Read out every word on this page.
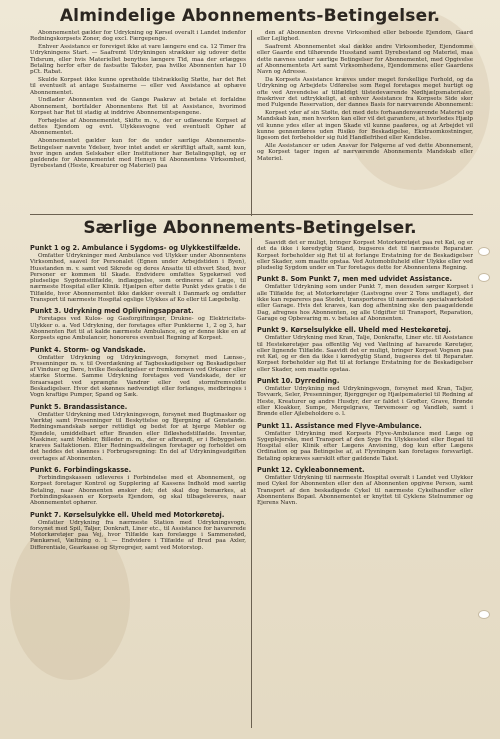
Almindelige Abonnements-Betingelser.

Abonnementet gælder for Udrykning og Kørsel overalt i Landet indenfor Redningskorpsets Zoner, dog excl. Færgepenge.

Enhver Assistance er foreviget ikke at vare længere end ca. 12 Timer fra Udrykningens Start. — Saafremt Udrykningen strækker sig udover dette Tidsrum, eller hvis Materiellet benyttes længere Tid, maa der erlægges Betaling herfor efter de fastsatte Takster, paa hvilke Abonnenten har 10 pCt. Rabat.

Skulde Korpset ikke kunne opretholde tilstrækkelig Støtte, har det Ret til eventuelt at antage Sustainerne — eller ved Assistance at ophæve Abonnementet.

Undlader Abonnenten ved de Gange Paakrav at betale et forfaldne Abonnement, bortfalder Abonnentens Ret til at Assistance, hvorimod Korpset har Ret til stadig at inddrive Abonnementspengene.

Forhøjelse af Abonnementet, Skifte m. v., der er udløsende Korpset af dettes Ejendom og evnt. Ulykkesvogne ved eventuelt Ophør af Abonnementet.

Abonnementet gælder kun for de under særlige Abonnements-Betingelser nævnte Ydelser, hvor intet andet er skriftligt aftalt, samt kun, hvor ingen anden Selskaber eller Institutioner har Betalingspligt, og er gældende for Abonnementet med Hensyn til Abonnentens Virksomhed, Dyrebestand (Heste, Kreaturer og Materiel) paa

den af Abonnenten drevne Virksomhed eller beboede Ejendom, Gaard eller Lejlighed.

Saafremt Abonnementet skal dække andre Virksomheder, Ejendomme eller Gaarde end tilhørende Husstand samt Dyrebestand og Materiel, maa dette nævnes under særlige Betingelser for Abonnementet, med Opgivelse af Abonnementets Art samt Virksomhedens, Ejendommens eller Gaardens Navn og Adresse.

Da Korpsets Assistance kræves under meget forskellige Forhold, og da Udrykning og Arbejdets Udførelse som Regel foretages meget hurtigt og ofte ved Anvendelse af tilfældigt tilstedeværende Nødhjælpsmaterialer, fraskriver det udtrykkeligt, at enhver Assistance fra Korpsets Side sker med Fulgende Reservation, der dannes Basis for nærværende Abonnement:

Korpset yder af sin Stølte, det med dets forhaandenværende Materiel og Mandskab kan, men hverken kan eller vil det garantere, at hvorledes Hjælp vil kunne ydes eller at ingen Skade vil kunne paaføres, og at Arbejdet vil kunne gennemføres uden Risiko for Beskadigelse, Ekstraomkostninger, ligesom det forbeholder sig fuld Handlefrihed eller Kendelse.

Alle Assistancer er uden Ansvar for Følgerne af ved dette Abonnement, og Korpset tager ingen af nærværende Abonnements Mandskab eller Materiel.

Særlige Abonnements-Betingelser.
Punkt 1 og 2. Ambulance i Sygdoms- og Ulykkestilfælde.

Omfatter Udrykninger med Ambulance ved Ulykker under Abonnentens Virksomhed, saavel for Personalet (Egnen under Arbejdstiden i Byen), Husstanden m. v. samt ved Sikrede og deres Ansatte til ethvert Sted, hvor Personer er kommen til Skade. Endvidere omfattes Sygekørsel ved pludselige Sygdomstilfælde, indlæggelse, som ordineres af Læge, til nærmeste Hospital eller Klinik. Hjælpen efter dette Punkt ydes gratis i de Tilfælde, hvor Abonnementet ikke dækker overalt i Danmark og omfatter Transport til nærmeste Hospital ogslige Ulykkes af Ko eller til Lægebolig.

Punkt 3. Udrykning med Oplivningsapparat.

Foretages ved Kulos- og Gasforgiftninger, Drukne- og Elektricitets-Ulykker o. a. Ved Udrykning, der foretages efter Punkterne 1, 2 og 3, har Abonnenten Ret til at kalde nærmeste Ambulance, og er denne ikke en af Korpsets egne Ambulancer, honoreres eventuel Regning af Korpset.

Punkt 4. Storm- og Vandskade.

Omfatter Udrykning og Udrykningsvogn, forsynet med Lænse-, Presenninger m. v. til Overdækning af Tagbeskadigelser og Beskadigelser af Vinduer og Døre, hvilke Beskadigelser er fremkommen ved Orkaner eller stærke Storme. Samme Udrykning foretages ved Vandskade, der er foraarsaget ved sprængte Vandrør eller ved stormfremvoldte Beskadigelser. Hvor det skønnes nødvendigt eller forlanges, medbringes i Vogn kraftige Pumper, Spand og Sæk.

Punkt 5. Brandassistance.

Omfatter Udrykning med Udrykningsvogn, forsynet med Bugtmasker og Værktøj samt Presenninger til Beskyttelse og Bjergning af Genstande. Redningsmandskab sørger rettidigt og bedst for at bjerge Møbler og Ejendele, umiddelbart efter Branden eller Ildløshedstilfælde. Inventar, Maskiner, samt Møbler, Billeder m. m., der er afbrandt, er i Bebyggelsen kræves Saltaktionen. Eller Redningsafdelingen foretager og forholdet om det heddes det skønnes i Forbrugsregning: En del af Udrykningsudgiften overtages af Abonnenten.

Punkt 6. Forbindingskasse.

Forbindingskassen udleveres i Forbindelse med et Abonnement, og Korpset foretager Kontrol og Supplering af Kassens Indhold mod særlig Betaling, naar Abonnenten ønsker det; det skal dog bemærkes, at Forbindingskassen er Korpsets Ejendom, og skal tilbageleveres, naar Abonnementet ophører.

Punkt 7. Kørselsulykke ell. Uheld med Motorkøretøj.

Omfatter Udrykning fra nærmeste Station med Udrykningsvogn, forsynet med Spil, Taljer, Donkraft, Liner etc., til Assistance for havarerede Motorkøretøjer paa Vej, hvor Tilfælde kan forelægge i Sammenstød, Pænkørsel, Væltning o. l. — Endvidere i Tilfælde af Brud paa Axler, Differentiale, Gearkasse og Styregrejer, samt ved Motorstop.

Saavidt det er muligt, bringer Korpset Motorkøretøjet paa ret Køl, og er det da ikke i køredygtig Stand, bugseres det til nærmeste Reparatør. Korpset forbeholder sig Ret til at forlange Erstatning for de Beskadigelser eller Skader, som maatte opstaa. Ved Automobiluheld eller Ulykke eller ved pludselig Sygdom under en Tur foretages dette for Abonnentens Regning.

Punkt 8. Som Punkt 7, men med udvidet Assistance.

Omfatter Udrykning som under Punkt 7, men desuden sørger Korpset i alle Tilfælde for, at Motorkøretøjer (Lastvogne over 2 Tons undtaget), der ikke kan repareres paa Stedet, transporteres til nærmeste specialværksted eller Garage. Hvis det kræves, kan dog afhentning ske den paagældende Dag, afregnes hos Abonnenten, og alle Udgifter til Transport, Reparation, Garage og Opbevaring m. v. betales af Abonnenten.

Punkt 9. Kørselsulykke ell. Uheld med Hestekøretøj.

Omfatter Udrykning med Kran, Talje, Donkrafte, Liner etc. til Assistance til Hestekøretøjer paa offentlig Vej ved Væltning af havarede Køretøjer, eller lignende Tilfælde. Saavidt det er muligt, bringer Korpset Vognen paa ret Køl, og er den da ikke i køredygtig Stand, bugseres det til Reparatør. Korpset forbeholder sig Ret til at forlange Erstatning for de Beskadigelser eller Skader, som maatte opstaa.

Punkt 10. Dyrredning.

Omfatter Udrykning med Udrykningsvogn, forsynet med Kran, Taljer, Tovværk, Seler, Presenninger, Bjerggrejer og Hjælpemateriel til Redning af Heste, Kreaturer og andre Husdyr, der er faldet i Grøfter, Grave, Brønde eller Kloakker, Sumpe, Mergelgrave, Tørvemoser og Vandløb, samt i Brønde eller Ajlebeholdere o. l.

Punkt 11. Assistance med Flyve-Ambulance.

Omfatter Udrykning med Korpsets Flyve-Ambulance med Læge og Sygeplejerske, med Transport af den Syge fra Ulykkessted eller Bopæl til Hospital eller Klinik efter Lægens Anvisning, dog kun efter Lægens Ordination og paa Betingelse af, at Flyvningen kan foretages forsvarligt. Betaling opkræves særskilt efter gældende Takst.

Punkt 12. Cykleabonnement.

Omfatter Udrykning til nærmeste Hospital overalt i Landet ved Ulykker med Cykel for Abonnenten eller den af Abonnenten opgivne Person, samt Transport af den beskadigede Cykel til nærmeste Cykelhandler eller Abonnentens Bopæl. Abonnementet er knyttet til Cyklens Stelnummer og Ejerens Navn.
